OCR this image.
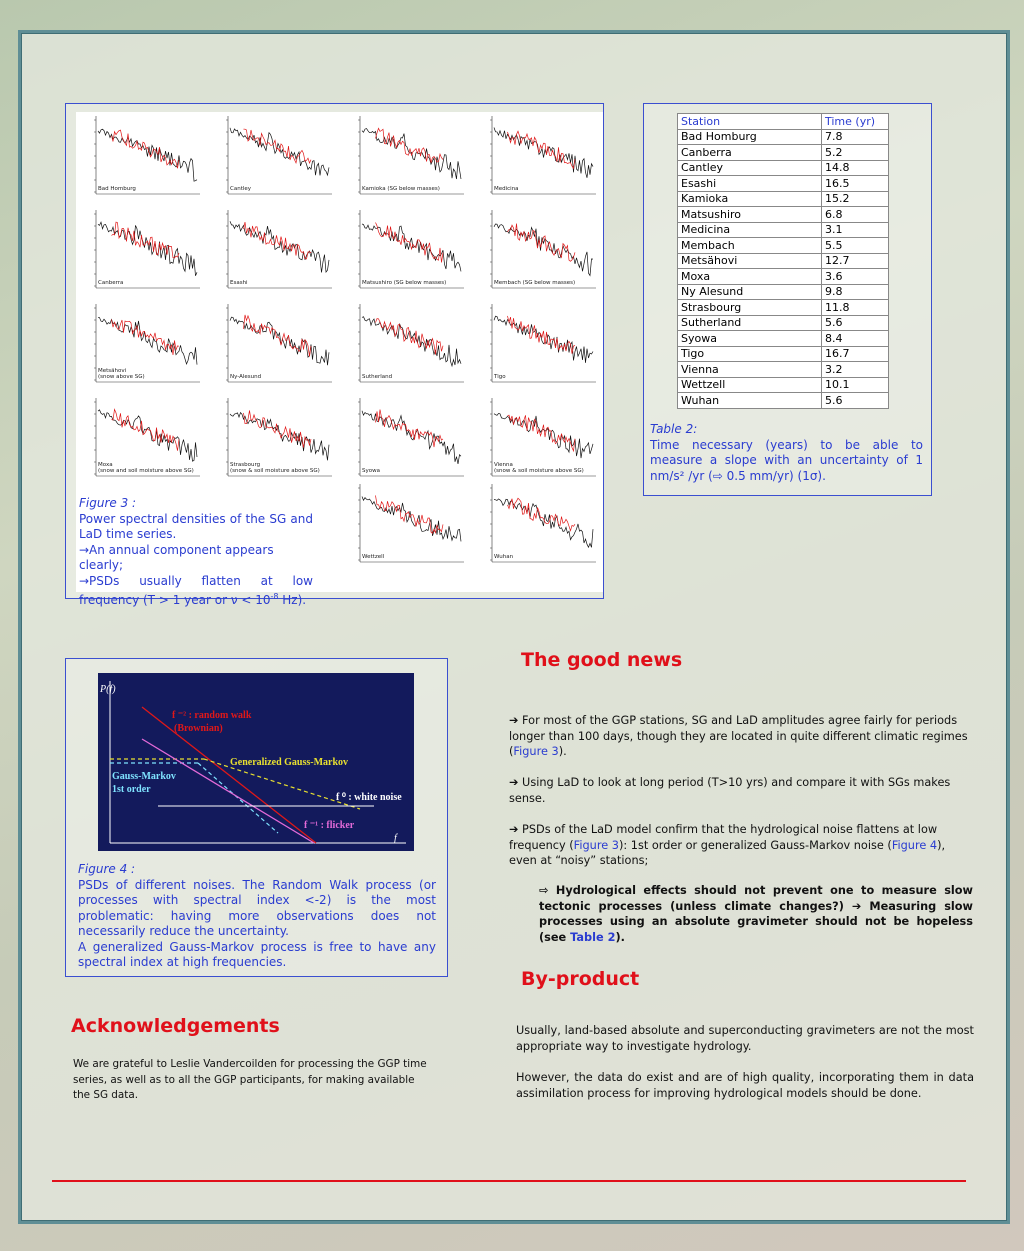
Bad Homburg	Cantley	Kamioka (SG below masses)	Medicina
Canberra	Esashi	Matsushiro (SG below masses)	Membach (SG below masses)
Metsähovi
(snow above SG)	Ny-Alesund	Sutherland	Tigo
Moxa
(snow and soil moisture above SG)
Strasbourg
(snow & soil moisture above SG)	Syowa
Vienna
(snow & soil moisture above SG)
Wettzell	Wuhan
Figure 3 :
Power spectral densities of the SG and LaD time series.
→An annual component appears clearly;
→PSDs usually flatten at low frequency (T > 1 year or $\nu < 10^{-8}$ Hz).
Station	Time (yr)
Bad Homburg	7.8
Canberra	5.2
Cantley	14.8
Esashi	16.5
Kamioka	15.2
Matsushiro	6.8
Medicina	3.1
Membach	5.5
Metsähovi	12.7
Moxa	3.6
Ny Alesund	9.8
Strasbourg	11.8
Sutherland	5.6
Syowa	8.4
Tigo	16.7
Vienna	3.2
Wettzell	10.1
Wuhan	5.6
Table 2:
Time necessary (years) to be able to measure a slope with an uncertainty of 1 nm/s² /yr (⇨ 0.5 mm/yr) (1σ).
P(f)
f
f ⁻² : random walk
(Brownian)
Generalized Gauss-Markov
Gauss-Markov
1st order
f ⁰ : white noise
f ⁻¹ : flicker
Figure 4 :
PSDs of different noises. The Random Walk process (or processes with spectral index <-2) is the most problematic: having more observations does not necessarily reduce the uncertainty.
A generalized Gauss-Markov process is free to have any spectral index at high frequencies.
The good news
➔ For most of the GGP stations, SG and LaD amplitudes agree fairly for periods longer than 100 days, though they are located in quite different climatic regimes (Figure 3).
➔ Using LaD to look at long period (T>10 yrs) and compare it with SGs makes sense.
➔ PSDs of the LaD model confirm that the hydrological noise flattens at low frequency (Figure 3): 1st order or generalized Gauss-Markov noise (Figure 4), even at “noisy” stations;
⇨ Hydrological effects should not prevent one to measure slow tectonic processes (unless climate changes?) ➔ Measuring slow processes using an absolute gravimeter should not be hopeless (see Table 2).
By-product
Usually, land-based absolute and superconducting gravimeters are not the most appropriate way to investigate hydrology.
However, the data do exist and are of high quality, incorporating them in data assimilation process for improving hydrological models should be done.
Acknowledgements
We are grateful to Leslie Vandercoilden for processing the GGP time series, as well as to all the GGP participants, for making available the SG data.
